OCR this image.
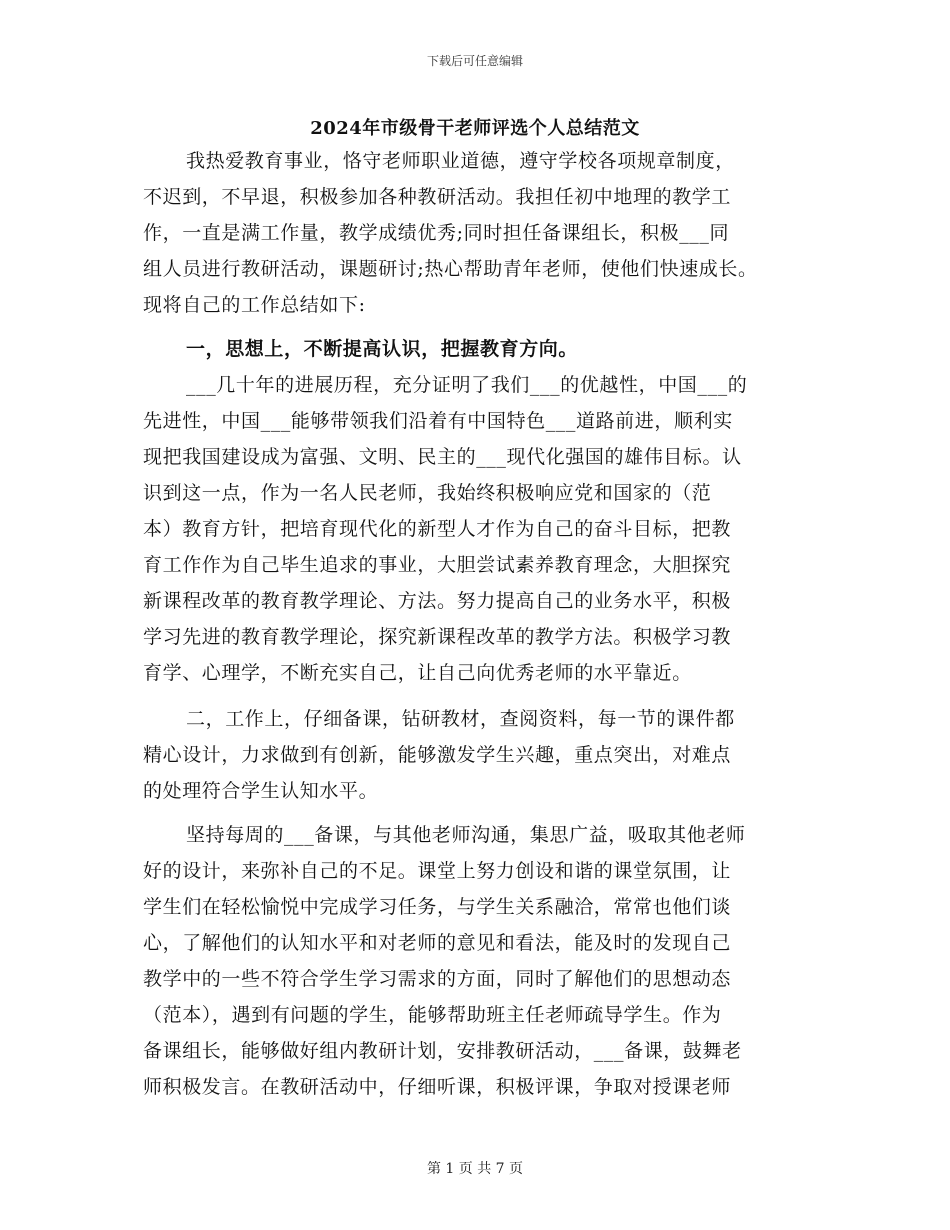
下载后可任意编辑
2024年市级骨干老师评选个人总结范文
我热爱教育事业，恪守老师职业道德，遵守学校各项规章制度，
不迟到，不早退，积极参加各种教研活动。我担任初中地理的教学工
作，一直是满工作量，教学成绩优秀;同时担任备课组长，积极___同
组人员进行教研活动，课题研讨;热心帮助青年老师，使他们快速成长。
现将自己的工作总结如下:
一，思想上，不断提高认识，把握教育方向。
___几十年的进展历程，充分证明了我们___的优越性，中国___的
先进性，中国___能够带领我们沿着有中国特色___道路前进，顺利实
现把我国建设成为富强、文明、民主的___现代化强国的雄伟目标。认
识到这一点，作为一名人民老师，我始终积极响应党和国家的（范
本）教育方针，把培育现代化的新型人才作为自己的奋斗目标，把教
育工作作为自己毕生追求的事业，大胆尝试素养教育理念，大胆探究
新课程改革的教育教学理论、方法。努力提高自己的业务水平，积极
学习先进的教育教学理论，探究新课程改革的教学方法。积极学习教
育学、心理学，不断充实自己，让自己向优秀老师的水平靠近。
二，工作上，仔细备课，钻研教材，查阅资料，每一节的课件都
精心设计，力求做到有创新，能够激发学生兴趣，重点突出，对难点
的处理符合学生认知水平。
坚持每周的___备课，与其他老师沟通，集思广益，吸取其他老师
好的设计，来弥补自己的不足。课堂上努力创设和谐的课堂氛围，让
学生们在轻松愉悦中完成学习任务，与学生关系融洽，常常也他们谈
心，了解他们的认知水平和对老师的意见和看法，能及时的发现自己
教学中的一些不符合学生学习需求的方面，同时了解他们的思想动态
（范本），遇到有问题的学生，能够帮助班主任老师疏导学生。作为
备课组长，能够做好组内教研计划，安排教研活动，___备课，鼓舞老
师积极发言。在教研活动中，仔细听课，积极评课，争取对授课老师
第 1 页 共 7 页
